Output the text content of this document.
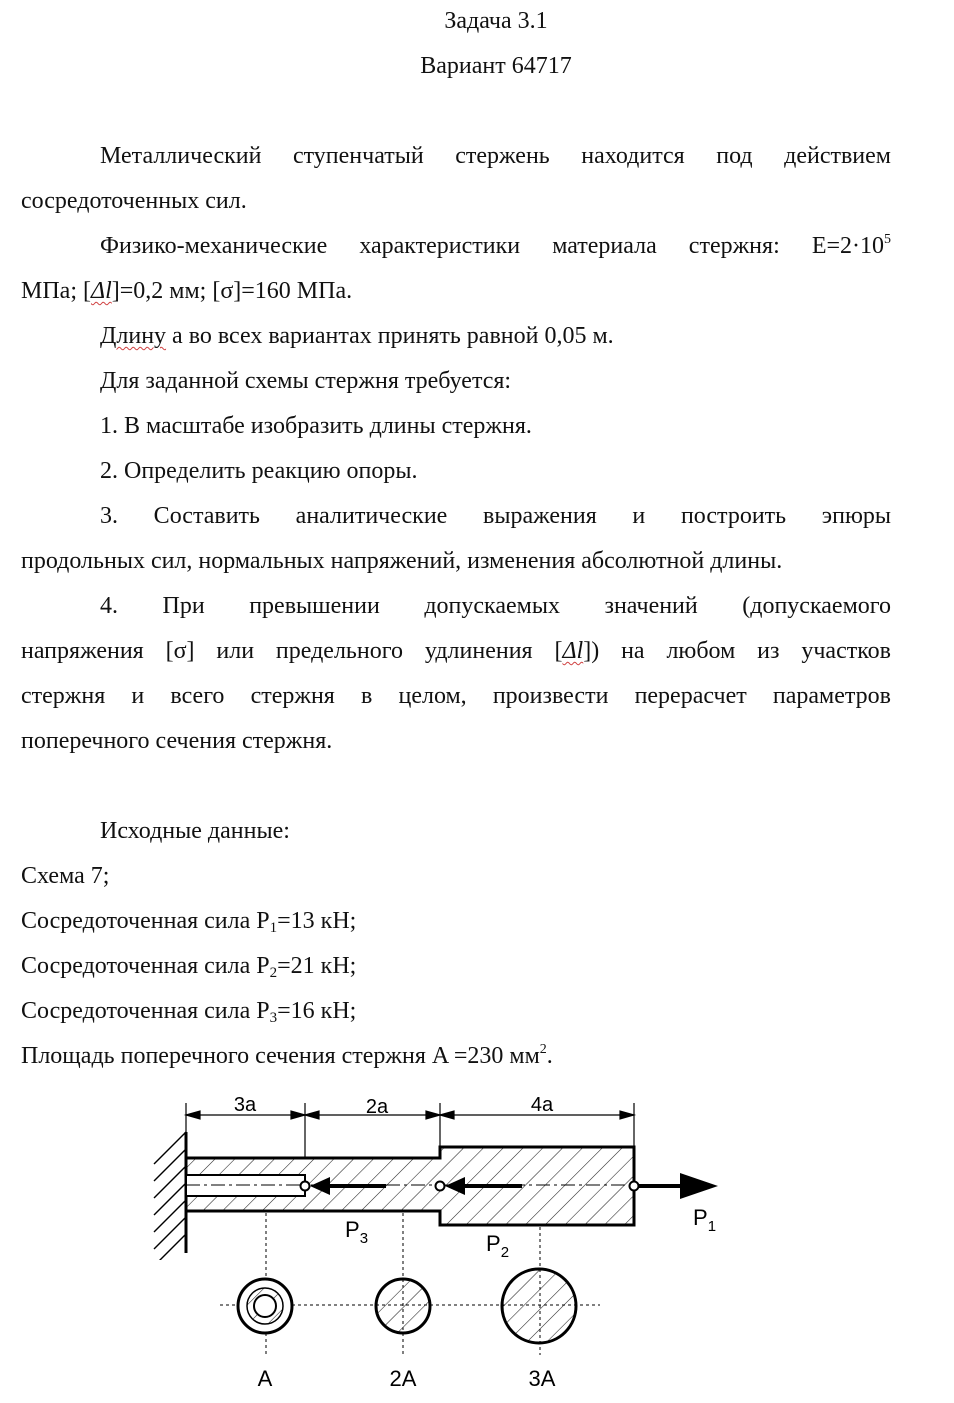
Задача 3.1
Вариант 64717
Металлический ступенчатый стержень находится под действием
сосредоточенных сил.
Физико-механические характеристики материала стержня: $E=2\cdot 10^5$
МПа; [Δl]=0,2 мм; [σ]=160 МПа.
Длину a во всех вариантах принять равной 0,05 м.
Для заданной схемы стержня требуется:
1. В масштабе изобразить длины стержня.
2. Определить реакцию опоры.
3. Составить аналитические выражения и построить эпюры
продольных сил, нормальных напряжений, изменения абсолютной длины.
4. При превышении допускаемых значений (допускаемого
напряжения [σ] или предельного удлинения [Δl]) на любом из участков
стержня и всего стержня в целом, произвести перерасчет параметров
поперечного сечения стержня.
Исходные данные:
Схема 7;
Сосредоточенная сила $P_1=13$ кН;
Сосредоточенная сила $P_2=21$ кН;
Сосредоточенная сила $P_3=16$ кН;
Площадь поперечного сечения стержня A =230 $мм^2$.
3a	2a	4a
$P_3$	$P_2$
$P_1$
A	2A	3A
